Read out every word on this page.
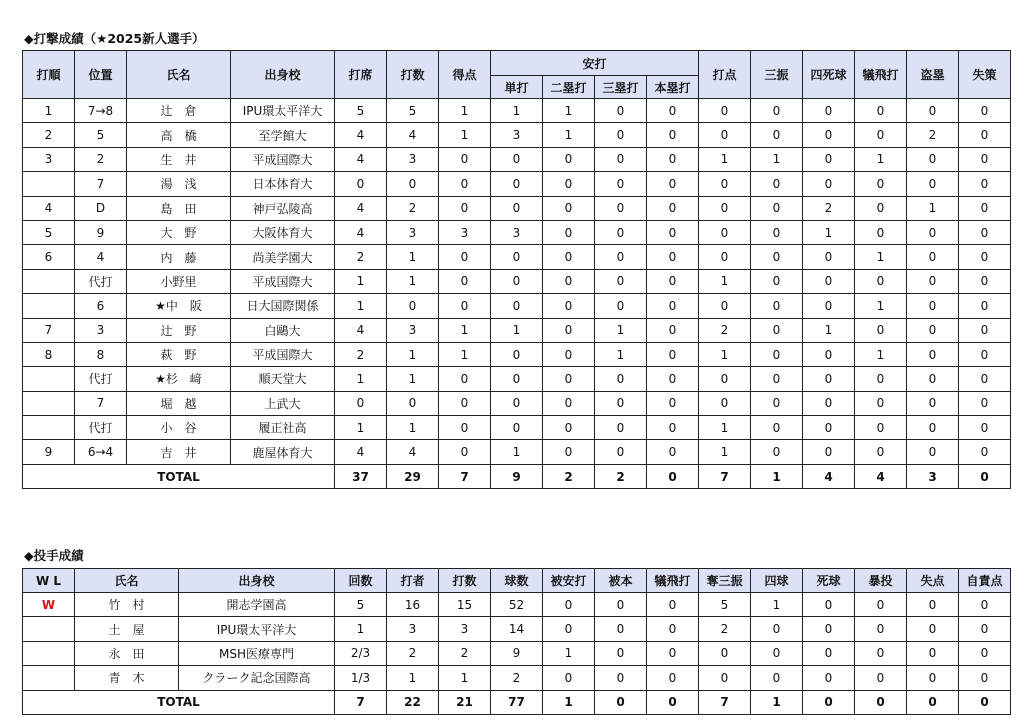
◆打撃成績（★2025新人選手）
打順	位置	氏名	出身校	打席	打数	得点	安打				打点	三振	四死球	犠飛打	盗塁	失策
							単打	二塁打	三塁打	本塁打						
1	7→8	辻　倉	IPU環太平洋大	5	5	1	1	1	0	0	0	0	0	0	0	0
2	5	高　橋	至学館大	4	4	1	3	1	0	0	0	0	0	0	2	0
3	2	生　井	平成国際大	4	3	0	0	0	0	0	1	1	0	1	0	0
	7	湯　浅	日本体育大	0	0	0	0	0	0	0	0	0	0	0	0	0
4	D	島　田	神戸弘陵高	4	2	0	0	0	0	0	0	0	2	0	1	0
5	9	大　野	大阪体育大	4	3	3	3	0	0	0	0	0	1	0	0	0
6	4	内　藤	尚美学園大	2	1	0	0	0	0	0	0	0	0	1	0	0
	代打	小野里	平成国際大	1	1	0	0	0	0	0	1	0	0	0	0	0
	6	★中　阪	日大国際関係	1	0	0	0	0	0	0	0	0	0	1	0	0
7	3	辻　野	白鷗大	4	3	1	1	0	1	0	2	0	1	0	0	0
8	8	萩　野	平成国際大	2	1	1	0	0	1	0	1	0	0	1	0	0
	代打	★杉　﨑	順天堂大	1	1	0	0	0	0	0	0	0	0	0	0	0
	7	堀　越	上武大	0	0	0	0	0	0	0	0	0	0	0	0	0
	代打	小　谷	履正社高	1	1	0	0	0	0	0	1	0	0	0	0	0
9	6→4	吉　井	鹿屋体育大	4	4	0	1	0	0	0	1	0	0	0	0	0
TOTAL				37	29	7	9	2	2	0	7	1	4	4	3	0
◆投手成績
W L	氏名	出身校	回数	打者	打数	球数	被安打	被本	犠飛打	奪三振	四球	死球	暴投	失点	自責点
W	竹　村	開志学園高	5	16	15	52	0	0	0	5	1	0	0	0	0
	土　屋	IPU環太平洋大	1	3	3	14	0	0	0	2	0	0	0	0	0
	永　田	MSH医療専門	2/3	2	2	9	1	0	0	0	0	0	0	0	0
	青　木	クラーク記念国際高	1/3	1	1	2	0	0	0	0	0	0	0	0	0
TOTAL			7	22	21	77	1	0	0	7	1	0	0	0	0
